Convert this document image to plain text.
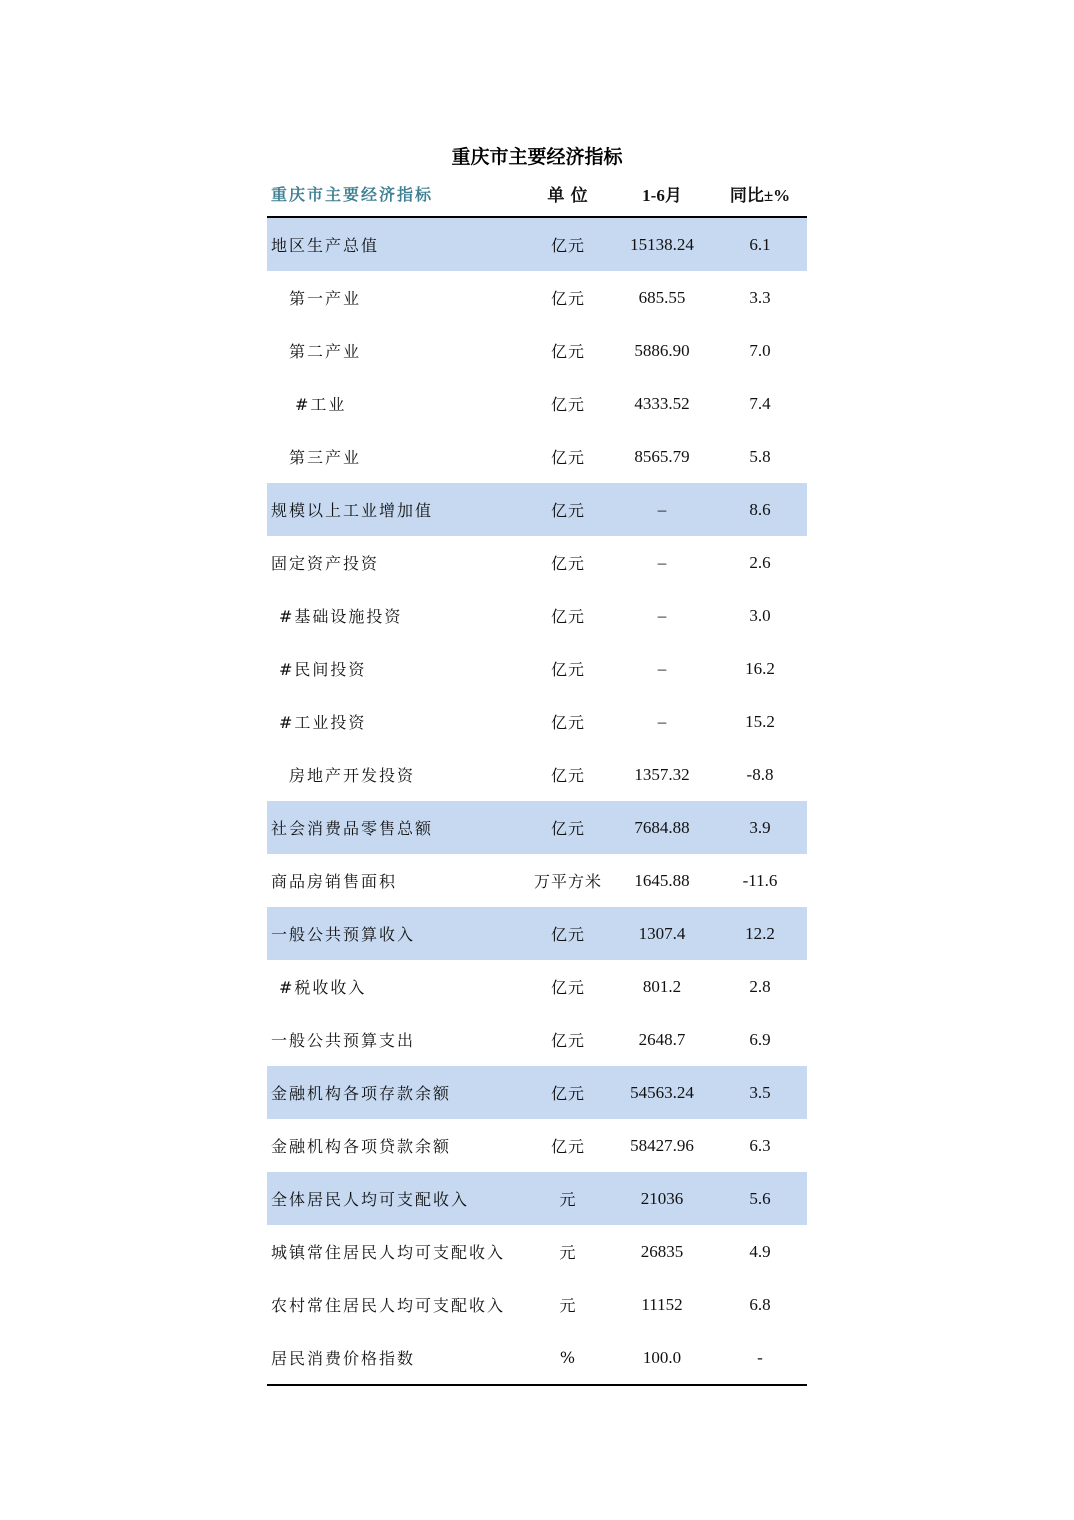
重庆市主要经济指标
重庆市主要经济指标	单 位	1-6月	同比±%
地区生产总值	亿元	15138.24	6.1
第一产业	亿元	685.55	3.3
第二产业	亿元	5886.90	7.0
#工业	亿元	4333.52	7.4
第三产业	亿元	8565.79	5.8
规模以上工业增加值	亿元	–	8.6
固定资产投资	亿元	–	2.6
#基础设施投资	亿元	–	3.0
#民间投资	亿元	–	16.2
#工业投资	亿元	–	15.2
房地产开发投资	亿元	1357.32	-8.8
社会消费品零售总额	亿元	7684.88	3.9
商品房销售面积	万平方米	1645.88	-11.6
一般公共预算收入	亿元	1307.4	12.2
#税收收入	亿元	801.2	2.8
一般公共预算支出	亿元	2648.7	6.9
金融机构各项存款余额	亿元	54563.24	3.5
金融机构各项贷款余额	亿元	58427.96	6.3
全体居民人均可支配收入	元	21036	5.6
城镇常住居民人均可支配收入	元	26835	4.9
农村常住居民人均可支配收入	元	11152	6.8
居民消费价格指数	%	100.0	-
